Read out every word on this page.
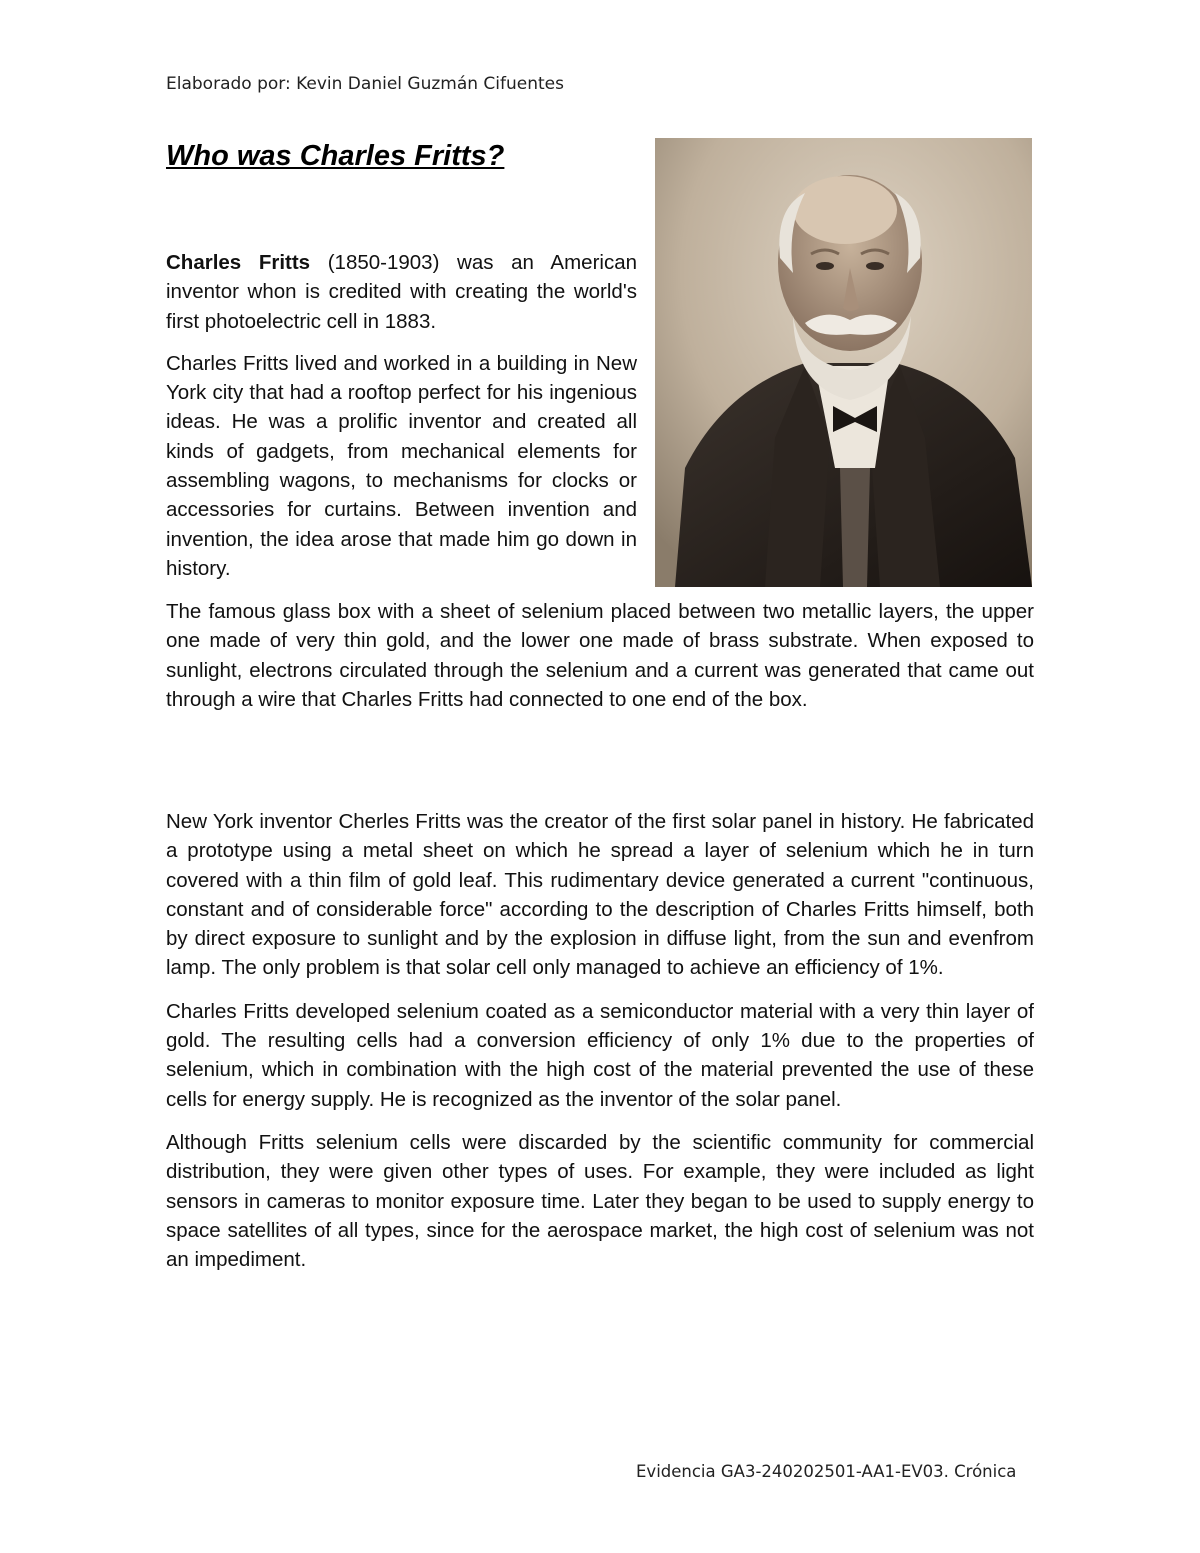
Elaborado por: Kevin Daniel Guzmán Cifuentes
Who was Charles Fritts?

Charles Fritts (1850-1903) was an American inventor whon is credited with creating the world's first photoelectric cell in 1883.

Charles Fritts lived and worked in a building in New York city that had a rooftop perfect for his ingenious ideas. He was a prolific inventor and created all kinds of gadgets, from mechanical elements for assembling wagons, to mechanisms for clocks or accessories for curtains. Between invention and invention, the idea arose that made him go down in history.

The famous glass box with a sheet of selenium placed between two metallic layers, the upper one made of very thin gold, and the lower one made of brass substrate. When exposed to sunlight, electrons circulated through the selenium and a current was generated that came out through a wire that Charles Fritts had connected to one end of the box.

New York inventor Cherles Fritts was the creator of the first solar panel in history. He fabricated a prototype using a metal sheet on which he spread a layer of selenium which he in turn covered with a thin film of gold leaf. This rudimentary device generated a current "continuous, constant and of considerable force" according to the description of Charles Fritts himself, both by direct exposure to sunlight and by the explosion in diffuse light, from the sun and evenfrom lamp. The only problem is that solar cell only managed to achieve an efficiency of 1%.

Charles Fritts developed selenium coated as a semiconductor material with a very thin layer of gold. The resulting cells had a conversion efficiency of only 1% due to the properties of selenium, which in combination with the high cost of the material prevented the use of these cells for energy supply. He is recognized as the inventor of the solar panel.

Although Fritts selenium cells were discarded by the scientific community for commercial distribution, they were given other types of uses. For example, they were included as light sensors in cameras to monitor exposure time. Later they began to be used to supply energy to space satellites of all types, since for the aerospace market, the high cost of selenium was not an impediment.

Evidencia GA3-240202501-AA1-EV03. Crónica
